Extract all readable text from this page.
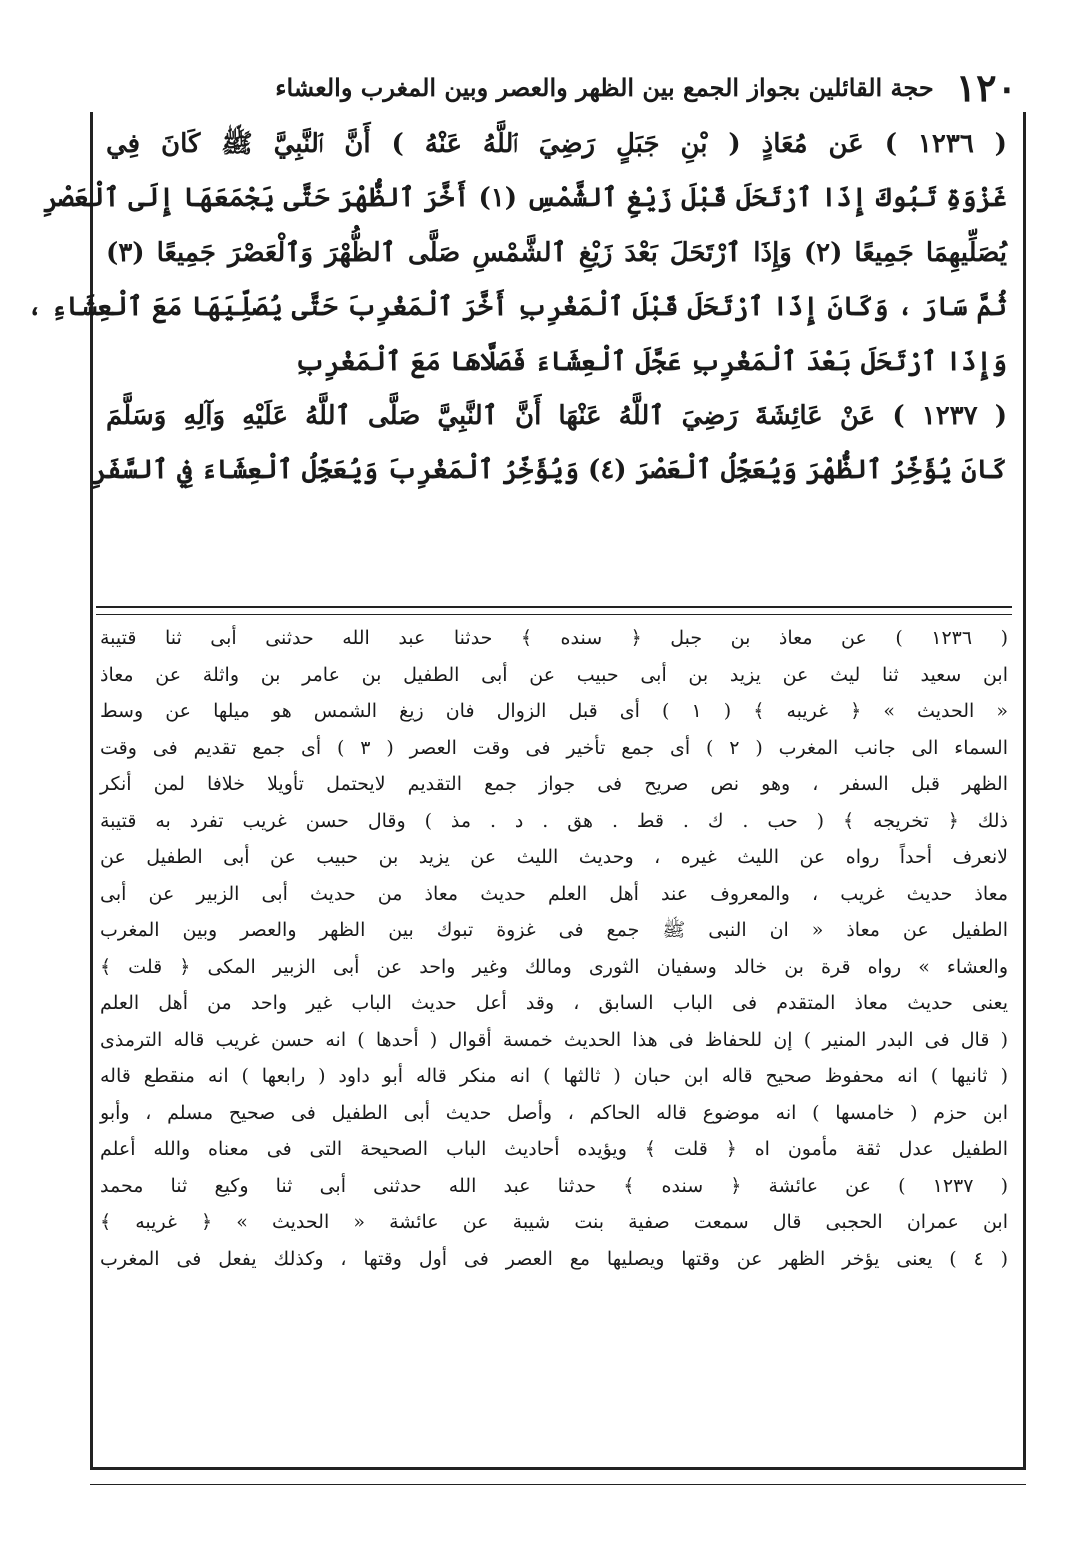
١٢٠
حجة القائلين بجواز الجمع بين الظهر والعصر وبين المغرب والعشاء
( ١٢٣٦ ) عَن مُعَاذٍ ( بْنِ جَبَلٍ رَضِيَ ٱللَّهُ عَنْهُ ) أَنَّ ٱلنَّبِيَّ ﷺ كَانَ فِي
غَزْوَةِ تَبُوكَ إِذَا ٱرْتَحَلَ قَبْلَ زَيْغِ ٱلشَّمْسِ (١) أَخَّرَ ٱلظُّهْرَ حَتَّى يَجْمَعَهَا إِلَى ٱلْعَصْرِ
يُصَلِّيهِمَا جَمِيعًا (٢) وَإِذَا ٱرْتَحَلَ بَعْدَ زَيْغِ ٱلشَّمْسِ صَلَّى ٱلظُّهْرَ وَٱلْعَصْرَ جَمِيعًا (٣)
ثُمَّ سَارَ ، وَكَانَ إِذَا ٱرْتَحَلَ قَبْلَ ٱلْمَغْرِبِ أَخَّرَ ٱلْمَغْرِبَ حَتَّى يُصَلِّيَهَا مَعَ ٱلْعِشَاءِ ،
وَإِذَا ٱرْتَحَلَ بَعْدَ ٱلْمَغْرِبِ عَجَّلَ ٱلْعِشَاءَ فَصَلَّاهَا مَعَ ٱلْمَغْرِبِ
( ١٢٣٧ ) عَنْ عَائِشَةَ رَضِيَ ٱللَّهُ عَنْهَا أَنَّ ٱلنَّبِيَّ صَلَّى ٱللَّهُ عَلَيْهِ وَآلِهِ وَسَلَّمَ
كَانَ يُؤَخِّرُ ٱلظُّهْرَ وَيُعَجِّلُ ٱلْعَصْرَ (٤) وَيُؤَخِّرُ ٱلْمَغْرِبَ وَيُعَجِّلُ ٱلْعِشَاءَ فِي ٱلسَّفَرِ
( ١٢٣٦ ) عن معاذ بن جبل ﴿ سنده ﴾ حدثنا عبد الله حدثنى أبى ثنا قتيبة
ابن سعيد ثنا ليث عن يزيد بن أبى حبيب عن أبى الطفيل بن عامر بن واثلة عن معاذ
« الحديث » ﴿ غريبه ﴾ ( ١ ) أى قبل الزوال فان زيغ الشمس هو ميلها عن وسط
السماء الى جانب المغرب ( ٢ ) أى جمع تأخير فى وقت العصر ( ٣ ) أى جمع تقديم فى وقت
الظهر قبل السفر ، وهو نص صريح فى جواز جمع التقديم لايحتمل تأويلا خلافا لمن أنكر
ذلك ﴿ تخريجه ﴾ ( حب . ك . قط . هق . د . مذ ) وقال حسن غريب تفرد به قتيبة
لانعرف أحداً رواه عن الليث غيره ، وحديث الليث عن يزيد بن حبيب عن أبى الطفيل عن
معاذ حديث غريب ، والمعروف عند أهل العلم حديث معاذ من حديث أبى الزبير عن أبى
الطفيل عن معاذ « ان النبى ﷺ جمع فى غزوة تبوك بين الظهر والعصر وبين المغرب
والعشاء » رواه قرة بن خالد وسفيان الثورى ومالك وغير واحد عن أبى الزبير المكى ﴿ قلت ﴾
يعنى حديث معاذ المتقدم فى الباب السابق ، وقد أعل حديث الباب غير واحد من أهل العلم
( قال فى البدر المنير ) إن للحفاظ فى هذا الحديث خمسة أقوال ( أحدها ) انه حسن غريب قاله الترمذى
( ثانيها ) انه محفوظ صحيح قاله ابن حبان ( ثالثها ) انه منكر قاله أبو داود ( رابعها ) انه منقطع قاله
ابن حزم ( خامسها ) انه موضوع قاله الحاكم ، وأصل حديث أبى الطفيل فى صحيح مسلم ، وأبو
الطفيل عدل ثقة مأمون اه ﴿ قلت ﴾ ويؤيده أحاديث الباب الصحيحة التى فى معناه والله أعلم
( ١٢٣٧ ) عن عائشة ﴿ سنده ﴾ حدثنا عبد الله حدثنى أبى ثنا وكيع ثنا محمد
ابن عمران الحجبى قال سمعت صفية بنت شيبة عن عائشة « الحديث » ﴿ غريبه ﴾
( ٤ ) يعنى يؤخر الظهر عن وقتها ويصليها مع العصر فى أول وقتها ، وكذلك يفعل فى المغرب
